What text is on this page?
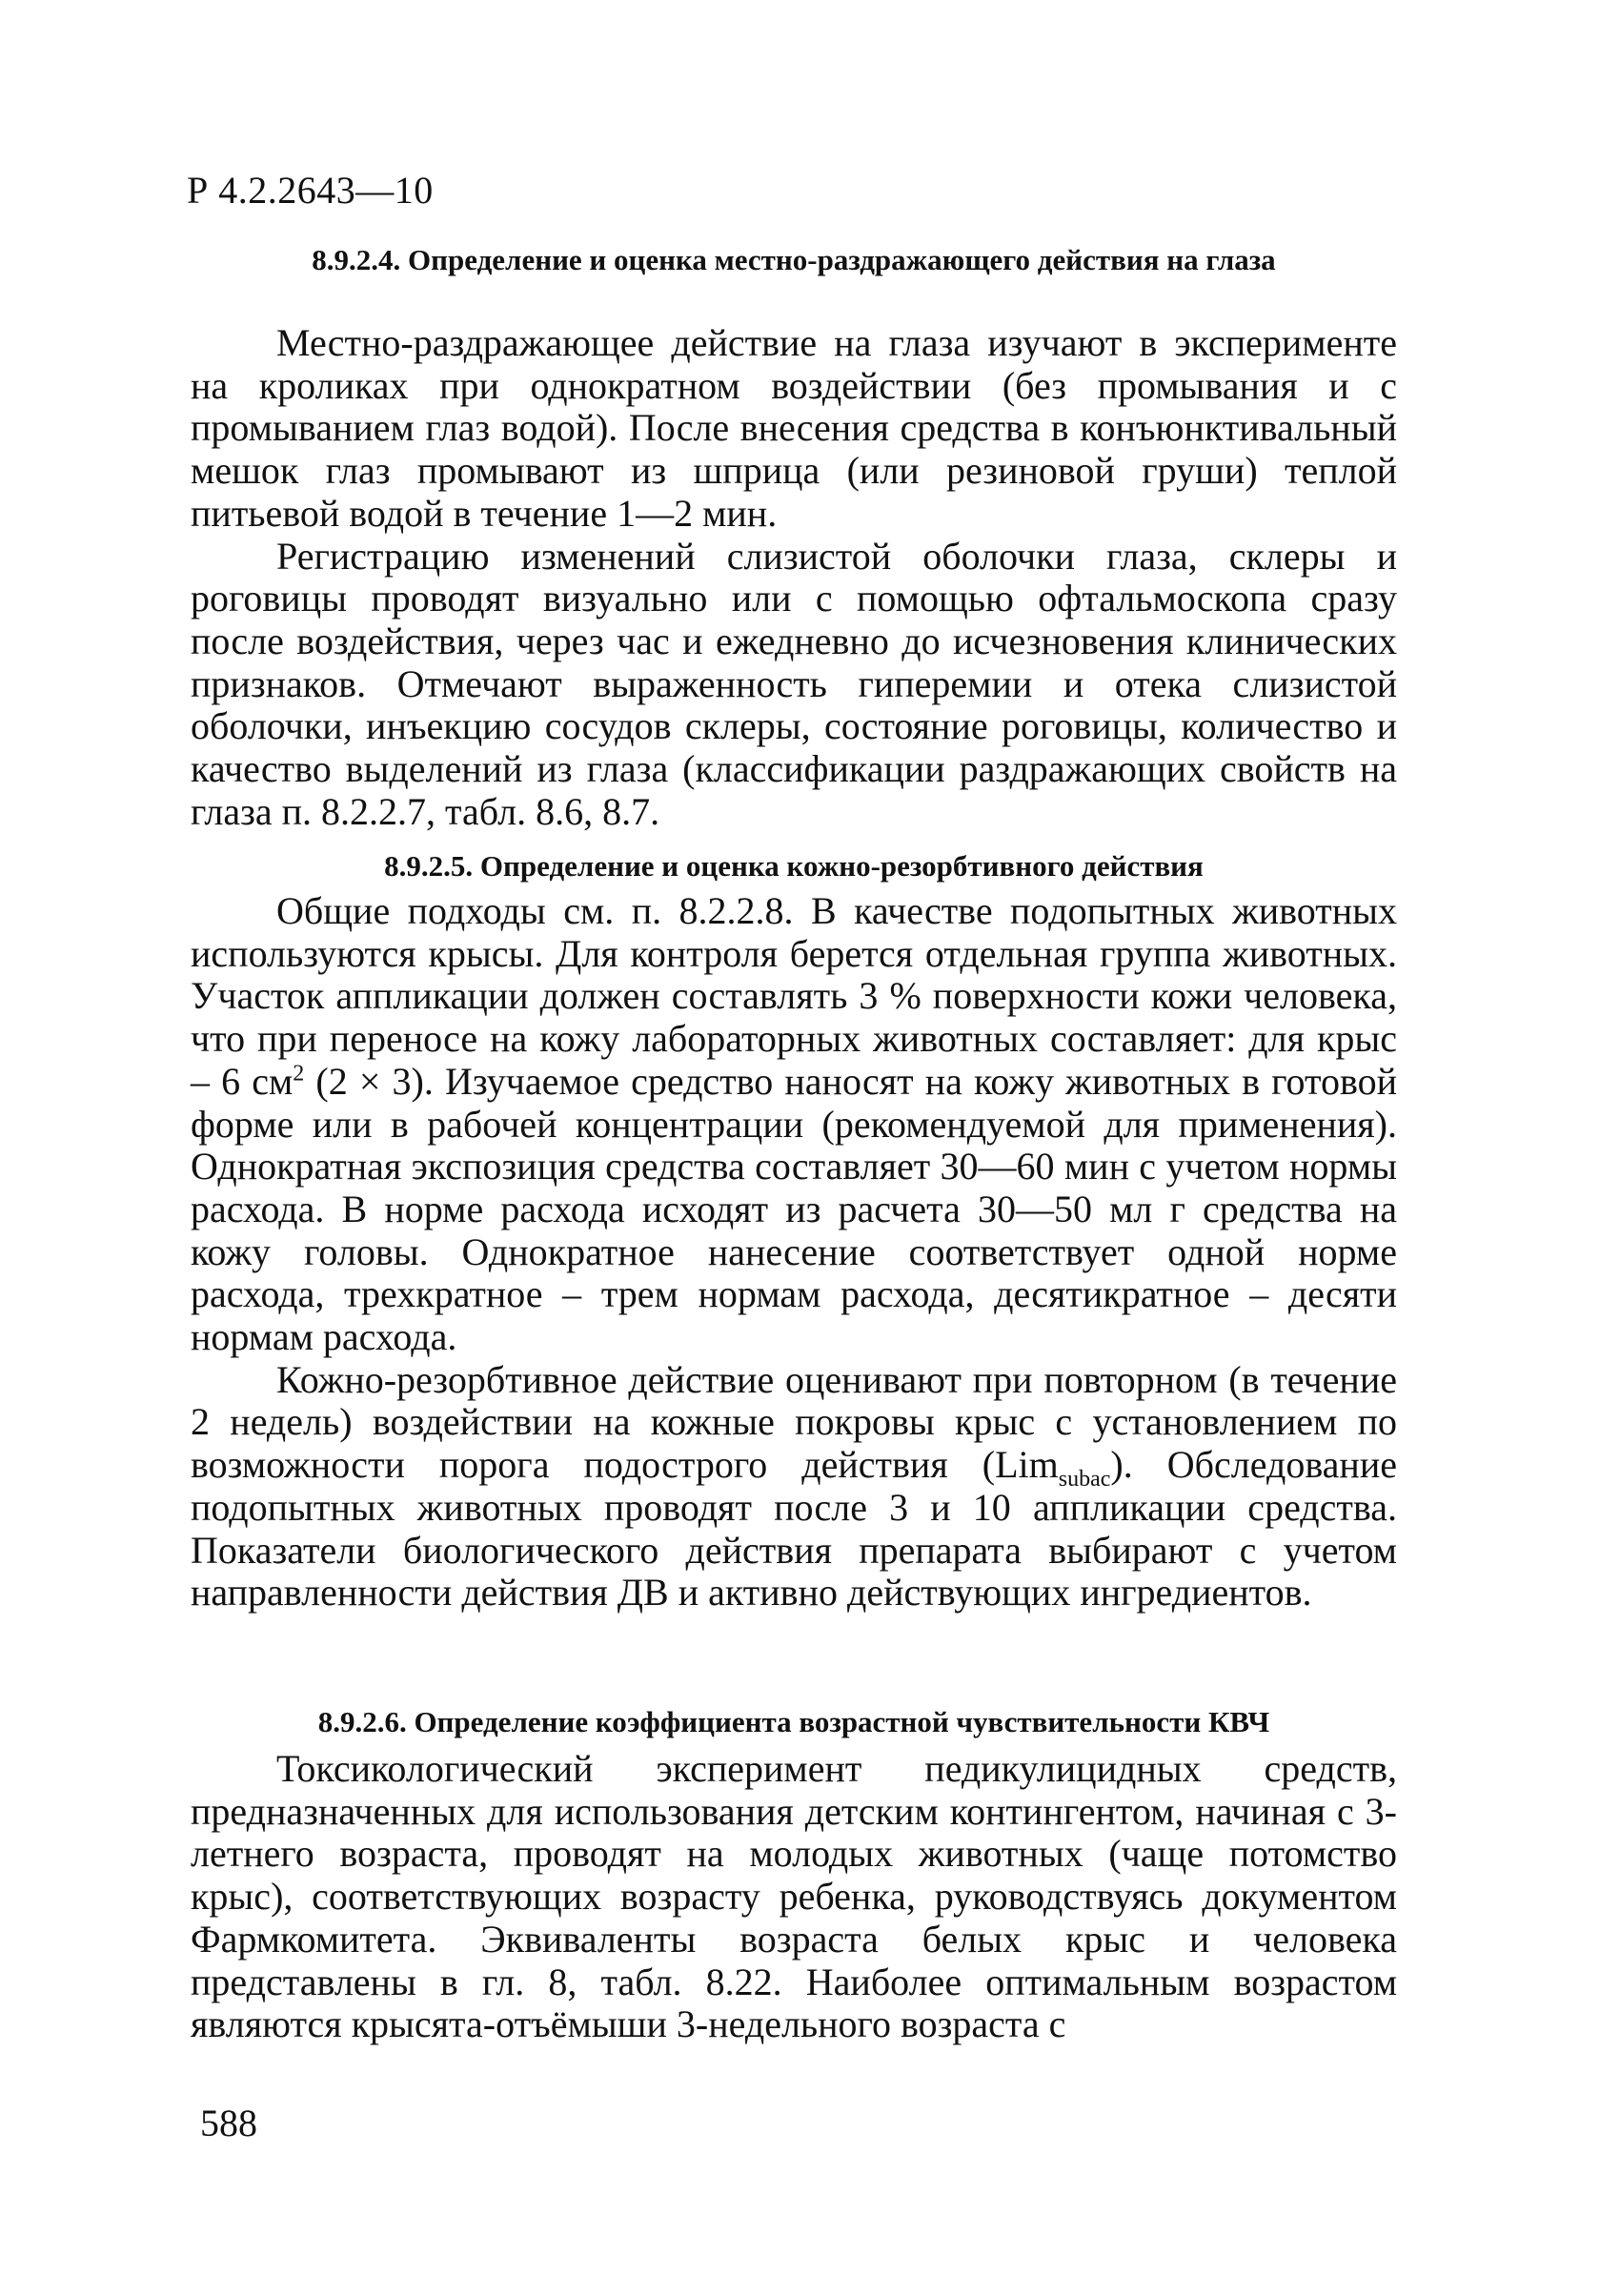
Р 4.2.2643—10
8.9.2.4. Определение и оценка местно-раздражающего действия на глаза

Местно-раздражающее действие на глаза изучают в эксперименте на кроликах при однократном воздействии (без промывания и с промыванием глаз водой). После внесения средства в конъюнктивальный мешок глаз промывают из шприца (или резиновой груши) теплой питьевой водой в течение 1—2 мин.

Регистрацию изменений слизистой оболочки глаза, склеры и роговицы проводят визуально или с помощью офтальмоскопа сразу после воздействия, через час и ежедневно до исчезновения клинических признаков. Отмечают выраженность гиперемии и отека слизистой оболочки, инъекцию сосудов склеры, состояние роговицы, количество и качество выделений из глаза (классификации раздражающих свойств на глаза п. 8.2.2.7, табл. 8.6, 8.7.

8.9.2.5. Определение и оценка кожно-резорбтивного действия

Общие подходы см. п. 8.2.2.8. В качестве подопытных животных используются крысы. Для контроля берется отдельная группа животных. Участок аппликации должен составлять 3 % поверхности кожи человека, что при переносе на кожу лабораторных животных составляет: для крыс – 6 $см^2$ (2 × 3). Изучаемое средство наносят на кожу животных в готовой форме или в рабочей концентрации (рекомендуемой для применения). Однократная экспозиция средства составляет 30—60 мин с учетом нормы расхода. В норме расхода исходят из расчета 30—50 мл г средства на кожу головы. Однократное нанесение соответствует одной норме расхода, трехкратное – трем нормам расхода, десятикратное – десяти нормам расхода.

Кожно-резорбтивное действие оценивают при повторном (в течение 2 недель) воздействии на кожные покровы крыс с установлением по возможности порога подострого действия (Lim$_{subac}$). Обследование подопытных животных проводят после 3 и 10 аппликации средства. Показатели биологического действия препарата выбирают с учетом направленности действия ДВ и активно действующих ингредиентов.

8.9.2.6. Определение коэффициента возрастной чувствительности КВЧ

Токсикологический эксперимент педикулицидных средств, предназначенных для использования детским контингентом, начиная с 3-летнего возраста, проводят на молодых животных (чаще потомство крыс), соответствующих возрасту ребенка, руководствуясь документом Фармкомитета. Эквиваленты возраста белых крыс и человека представлены в гл. 8, табл. 8.22. Наиболее оптимальным возрастом являются крысята-отъёмыши 3-недельного возраста с

588
